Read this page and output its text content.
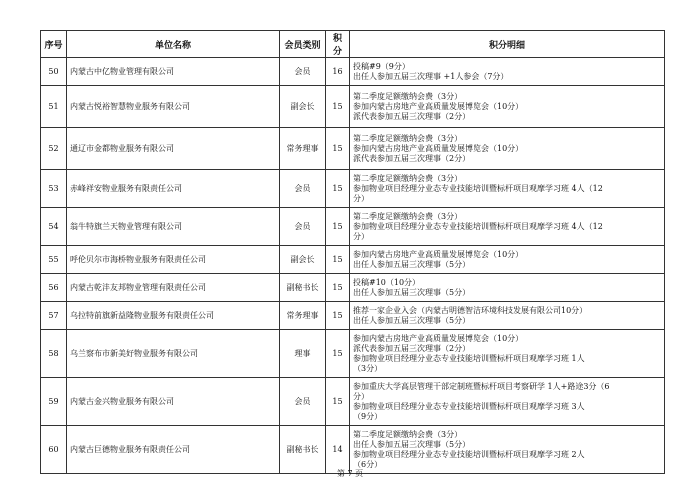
序号	单位名称	会员类别	积分	积分明细
50	内蒙古中亿物业管理有限公司	会员	16	投稿#9（9分）
出任人参加五届三次理事 +1人参会（7分）

51	内蒙古悦裕智慧物业服务有限公司	副会长	15	第二季度足额缴纳会费（3分）
参加内蒙古房地产业高质量发展博览会（10分）
派代表参加五届三次理事（2分）

52	通辽市金都物业服务有限公司	常务理事	15	第二季度足额缴纳会费（3分）
参加内蒙古房地产业高质量发展博览会（10分）
派代表参加五届三次理事（2分）

53	赤峰祥安物业服务有限责任公司	会员	15	第二季度足额缴纳会费（3分）
参加物业项目经理分业态专业技能培训暨标杆项目观摩学习班 4人（12
分）

54	翁牛特旗兰天物业管理有限公司	会员	15	第二季度足额缴纳会费（3分）
参加物业项目经理分业态专业技能培训暨标杆项目观摩学习班 4人（12
分）

55	呼伦贝尔市海桥物业服务有限责任公司	副会长	15	参加内蒙古房地产业高质量发展博览会（10分）
出任人参加五届三次理事（5分）

56	内蒙古乾沣友邦物业管理有限责任公司	副秘书长	15	投稿#10（10分）
出任人参加五届三次理事（5分）

57	乌拉特前旗新益隆物业服务有限责任公司	常务理事	15	推荐一家企业入会（内蒙古明德智洁环境科技发展有限公司10分）
出任人参加五届三次理事（5分）

58	乌兰察布市新美好物业服务有限公司	理事	15	参加内蒙古房地产业高质量发展博览会（10分）
派代表参加五届三次理事（2分）
参加物业项目经理分业态专业技能培训暨标杆项目观摩学习班 1人
（3分）

59	内蒙古金兴物业服务有限公司	会员	15	参加重庆大学高层管理干部定制班暨标杆项目考察研学 1人+路途3分（6
分）
参加物业项目经理分业态专业技能培训暨标杆项目观摩学习班 3人
（9分）

60	内蒙古巨德物业服务有限责任公司	副秘书长	14	第二季度足额缴纳会费（3分）
出任人参加五届三次理事（5分）
参加物业项目经理分业态专业技能培训暨标杆项目观摩学习班 2人
（6分）
第 7 页
